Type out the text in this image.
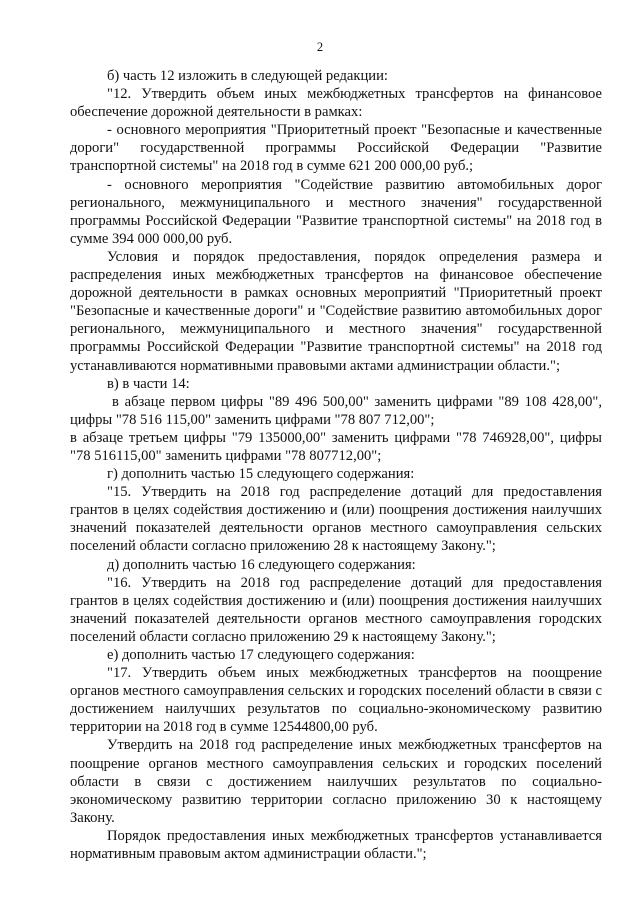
2

б) часть 12 изложить в следующей редакции:

"12. Утвердить объем иных межбюджетных трансфертов на финансовое обеспечение дорожной деятельности в рамках:

- основного мероприятия "Приоритетный проект "Безопасные и качественные дороги" государственной программы Российской Федерации "Развитие транспортной системы" на 2018 год в сумме 621 200 000,00 руб.;

- основного мероприятия "Содействие развитию автомобильных дорог регионального, межмуниципального и местного значения" государственной программы Российской Федерации "Развитие транспортной системы" на 2018 год в сумме 394 000 000,00 руб.

Условия и порядок предоставления, порядок определения размера и распределения иных межбюджетных трансфертов на финансовое обеспечение дорожной деятельности в рамках основных мероприятий "Приоритетный проект "Безопасные и качественные дороги" и "Содействие развитию автомобильных дорог регионального, межмуниципального и местного значения" государственной программы Российской Федерации "Развитие транспортной системы" на 2018 год устанавливаются нормативными правовыми актами администрации области.";

в) в части 14:

в абзаце первом цифры "89 496 500,00" заменить цифрами "89 108 428,00", цифры "78 516 115,00" заменить цифрами "78 807 712,00";

в абзаце третьем цифры "79 135000,00" заменить цифрами "78 746928,00", цифры "78 516115,00" заменить цифрами "78 807712,00";

г) дополнить частью 15 следующего содержания:

"15. Утвердить на 2018 год распределение дотаций для предоставления грантов в целях содействия достижению и (или) поощрения достижения наилучших значений показателей деятельности органов местного самоуправления сельских поселений области согласно приложению 28 к настоящему Закону.";

д) дополнить частью 16 следующего содержания:

"16. Утвердить на 2018 год распределение дотаций для предоставления грантов в целях содействия достижению и (или) поощрения достижения наилучших значений показателей деятельности органов местного самоуправления городских поселений области согласно приложению 29 к настоящему Закону.";

е) дополнить частью 17 следующего содержания:

"17. Утвердить объем иных межбюджетных трансфертов на поощрение органов местного самоуправления сельских и городских поселений области в связи с достижением наилучших результатов по социально-экономическому развитию территории на 2018 год в сумме 12544800,00 руб.

Утвердить на 2018 год распределение иных межбюджетных трансфертов на поощрение органов местного самоуправления сельских и городских поселений области в связи с достижением наилучших результатов по социально-экономическому развитию территории согласно приложению 30 к настоящему Закону.

Порядок предоставления иных межбюджетных трансфертов устанавливается нормативным правовым актом администрации области.";
